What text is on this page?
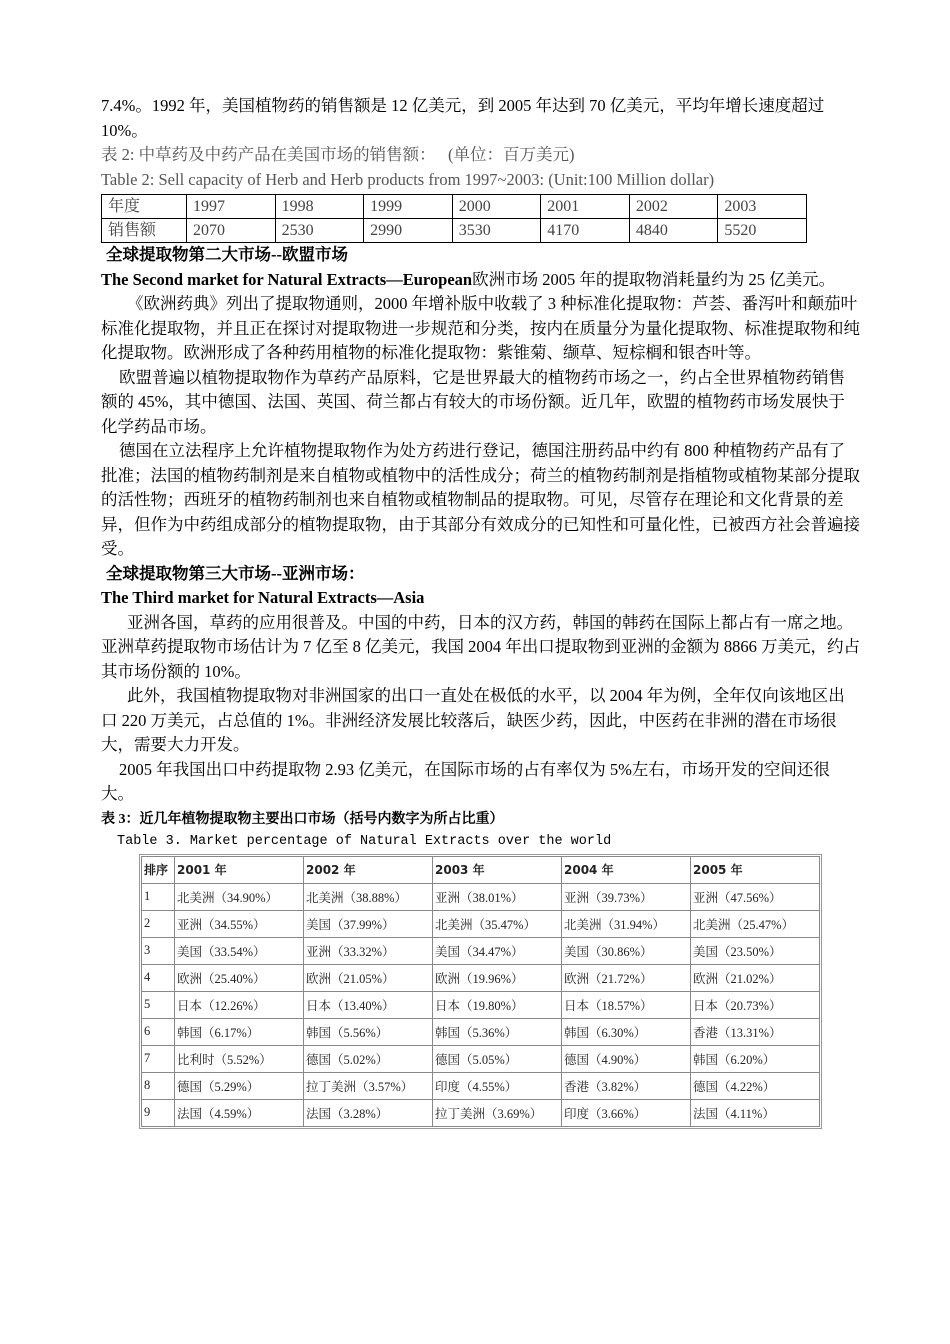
7.4%。1992 年，美国植物药的销售额是 12 亿美元，到 2005 年达到 70 亿美元，平均年增长速度超过 10%。

表 2: 中草药及中药产品在美国市场的销售额：   (单位：百万美元)

Table 2: Sell capacity of Herb and Herb products from 1997~2003: (Unit:100 Million dollar)

年度	1997	1998	1999	2000	2001	2002	2003
销售额	2070	2530	2990	3530	4170	4840	5520

全球提取物第二大市场--欧盟市场

The Second market for Natural Extracts—European欧洲市场 2005 年的提取物消耗量约为 25 亿美元。

《欧洲药典》列出了提取物通则，2000 年增补版中收载了 3 种标准化提取物：芦荟、番泻叶和颠茄叶标准化提取物，并且正在探讨对提取物进一步规范和分类，按内在质量分为量化提取物、标准提取物和纯化提取物。欧洲形成了各种药用植物的标准化提取物：紫锥菊、缬草、短棕榈和银杏叶等。

欧盟普遍以植物提取物作为草药产品原料，它是世界最大的植物药市场之一，约占全世界植物药销售额的 45%，其中德国、法国、英国、荷兰都占有较大的市场份额。近几年，欧盟的植物药市场发展快于化学药品市场。

德国在立法程序上允许植物提取物作为处方药进行登记，德国注册药品中约有 800 种植物药产品有了批准；法国的植物药制剂是来自植物或植物中的活性成分；荷兰的植物药制剂是指植物或植物某部分提取的活性物；西班牙的植物药制剂也来自植物或植物制品的提取物。可见，尽管存在理论和文化背景的差异，但作为中药组成部分的植物提取物，由于其部分有效成分的已知性和可量化性，已被西方社会普遍接受。

全球提取物第三大市场--亚洲市场：

The Third market for Natural Extracts—Asia

亚洲各国，草药的应用很普及。中国的中药，日本的汉方药，韩国的韩药在国际上都占有一席之地。亚洲草药提取物市场估计为 7 亿至 8 亿美元，我国 2004 年出口提取物到亚洲的金额为 8866 万美元，约占其市场份额的 10%。

此外，我国植物提取物对非洲国家的出口一直处在极低的水平，以 2004 年为例，全年仅向该地区出口 220 万美元，占总值的 1%。非洲经济发展比较落后，缺医少药，因此，中医药在非洲的潜在市场很大，需要大力开发。

2005 年我国出口中药提取物 2.93 亿美元，在国际市场的占有率仅为 5%左右，市场开发的空间还很大。

表 3：近几年植物提取物主要出口市场（括号内数字为所占比重）
Table 3. Market percentage of Natural Extracts over the world
排序	2001 年	2002 年	2003 年	2004 年	2005 年
1	北美洲（34.90%）	北美洲（38.88%）	亚洲（38.01%）	亚洲（39.73%）	亚洲（47.56%）
2	亚洲（34.55%）	美国（37.99%）	北美洲（35.47%）	北美洲（31.94%）	北美洲（25.47%）
3	美国（33.54%）	亚洲（33.32%）	美国（34.47%）	美国（30.86%）	美国（23.50%）
4	欧洲（25.40%）	欧洲（21.05%）	欧洲（19.96%）	欧洲（21.72%）	欧洲（21.02%）
5	日本（12.26%）	日本（13.40%）	日本（19.80%）	日本（18.57%）	日本（20.73%）
6	韩国（6.17%）	韩国（5.56%）	韩国（5.36%）	韩国（6.30%）	香港（13.31%）
7	比利时（5.52%）	德国（5.02%）	德国（5.05%）	德国（4.90%）	韩国（6.20%）
8	德国（5.29%）	拉丁美洲（3.57%）	印度（4.55%）	香港（3.82%）	德国（4.22%）
9	法国（4.59%）	法国（3.28%）	拉丁美洲（3.69%）	印度（3.66%）	法国（4.11%）
